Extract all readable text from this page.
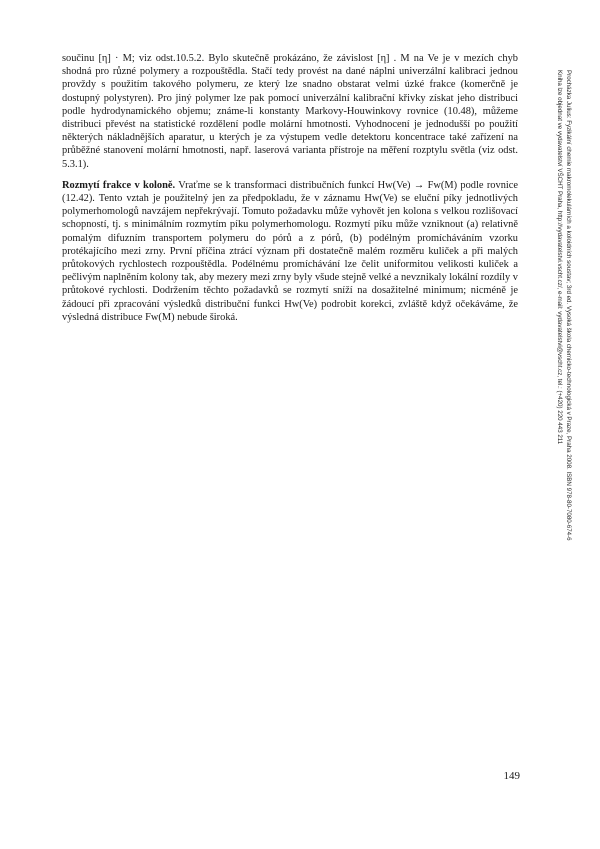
součinu [η] · M; viz odst.10.5.2. Bylo skutečně prokázáno, že závislost [η] . M na Ve je v mezích chyb shodná pro různé polymery a rozpouštědla. Stačí tedy provést na dané náplni univerzální kalibraci jednou provždy s použitím takového polymeru, ze který lze snadno obstarat velmi úzké frakce (komerčně je dostupný polystyren). Pro jiný polymer lze pak pomocí univerzální kalibrační křivky získat jeho distribuci podle hydrodynamického objemu; známe-li konstanty Markovy-Houwinkovy rovnice (10.48), můžeme distribuci převést na statistické rozdělení podle molární hmotnosti. Vyhodnocení je jednodušší po použití některých nákladnějších aparatur, u kterých je za výstupem vedle detektoru koncentrace také zařízení na průběžné stanovení molární hmotnosti, např. laserová varianta přístroje na měření rozptylu světla (viz odst. 5.3.1).

Rozmytí frakce v koloně. Vraťme se k transformaci distribučních funkcí Hw(Ve) → Fw(M) podle rovnice (12.42). Tento vztah je použitelný jen za předpokladu, že v záznamu Hw(Ve) se eluční píky jednotlivých polymerhomologů navzájem nepřekrývají. Tomuto požadavku může vyhovět jen kolona s velkou rozlišovací schopností, tj. s minimálním rozmytím píku polymerhomologu. Rozmytí píku může vzniknout (a) relativně pomalým difuzním transportem polymeru do pórů a z pórů, (b) podélným promícháváním vzorku protékajícího mezi zrny. První příčina ztrácí význam při dostatečně malém rozměru kuliček a při malých průtokových rychlostech rozpouštědla. Podélnému promíchávání lze čelit uniformitou velikosti kuliček a pečlivým naplněním kolony tak, aby mezery mezi zrny byly všude stejně velké a nevznikaly lokální rozdíly v průtokové rychlosti. Dodržením těchto požadavků se rozmytí sníží na dosažitelné minimum; nicméně je žádoucí při zpracování výsledků distribuční funkci Hw(Ve) podrobit korekci, zvláště když očekáváme, že výsledná distribuce Fw(M) nebude široká.

149
Procházka Julius: Fyzikální chemie makromolekulárních a koloidních soustav; 3rd ed. Vysoká škola chemicko-technologická v Praze, Praha 2008. ISBN 978-80-7080-674-6
Kniha lze objednat ve vydavatelství VŠCHT Praha, http://vydavatelstvi.vscht.cz/, e-mail: vydavatelstvi@vscht.cz, tel.: (+420) 220 443 211
